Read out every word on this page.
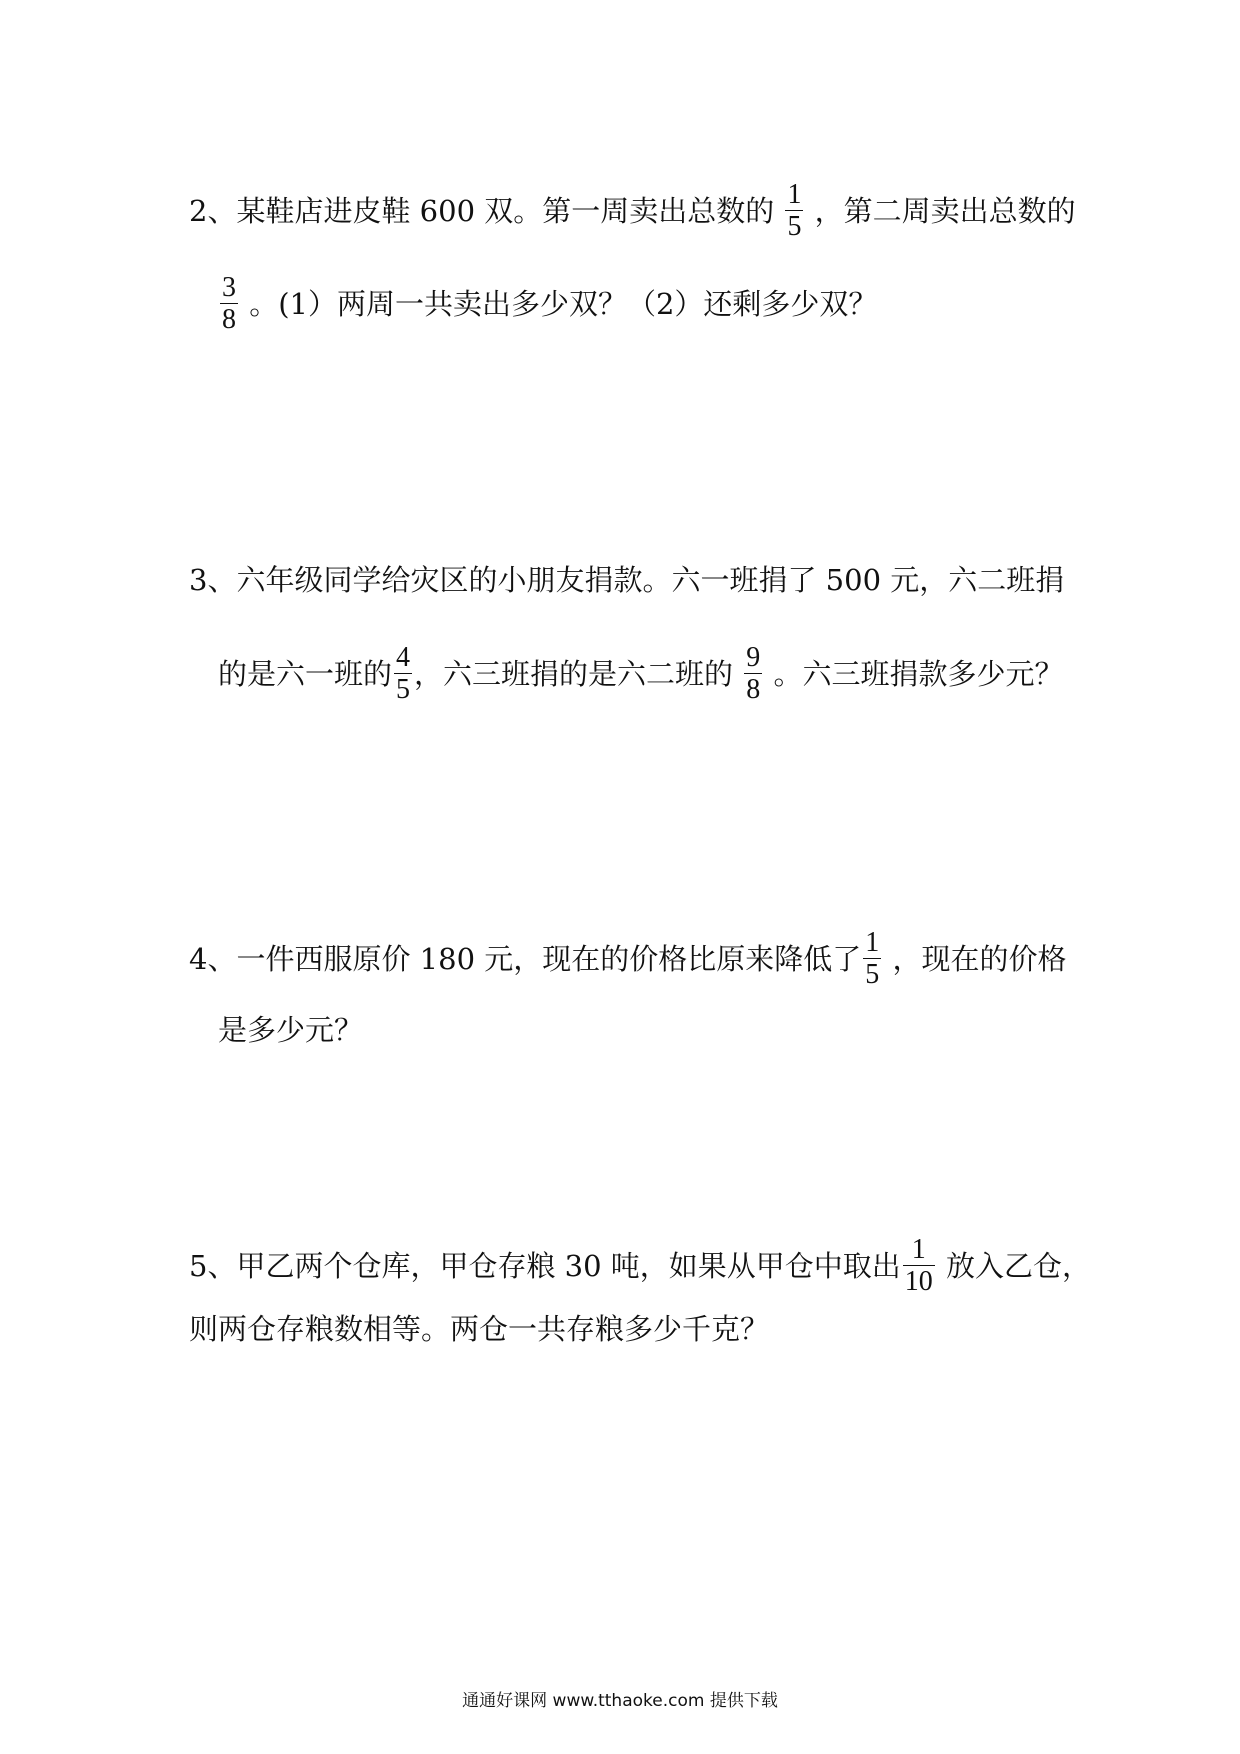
2、某鞋店进皮鞋 600 双。第一周卖出总数的 $\frac{1}{5}$ ，第二周卖出总数的
$\frac{3}{8}$ 。(1）两周一共卖出多少双？（2）还剩多少双？
3、六年级同学给灾区的小朋友捐款。六一班捐了 500 元，六二班捐
的是六一班的 $\frac{4}{5}$ ，六三班捐的是六二班的 $\frac{9}{8}$ 。六三班捐款多少元？
4、一件西服原价 180 元，现在的价格比原来降低了 $\frac{1}{5}$ ，现在的价格
是多少元？
5、甲乙两个仓库，甲仓存粮 30 吨，如果从甲仓中取出 $\frac{1}{10}$ 放入乙仓，
则两仓存粮数相等。两仓一共存粮多少千克？
通通好课网 www.tthaoke.com 提供下载
